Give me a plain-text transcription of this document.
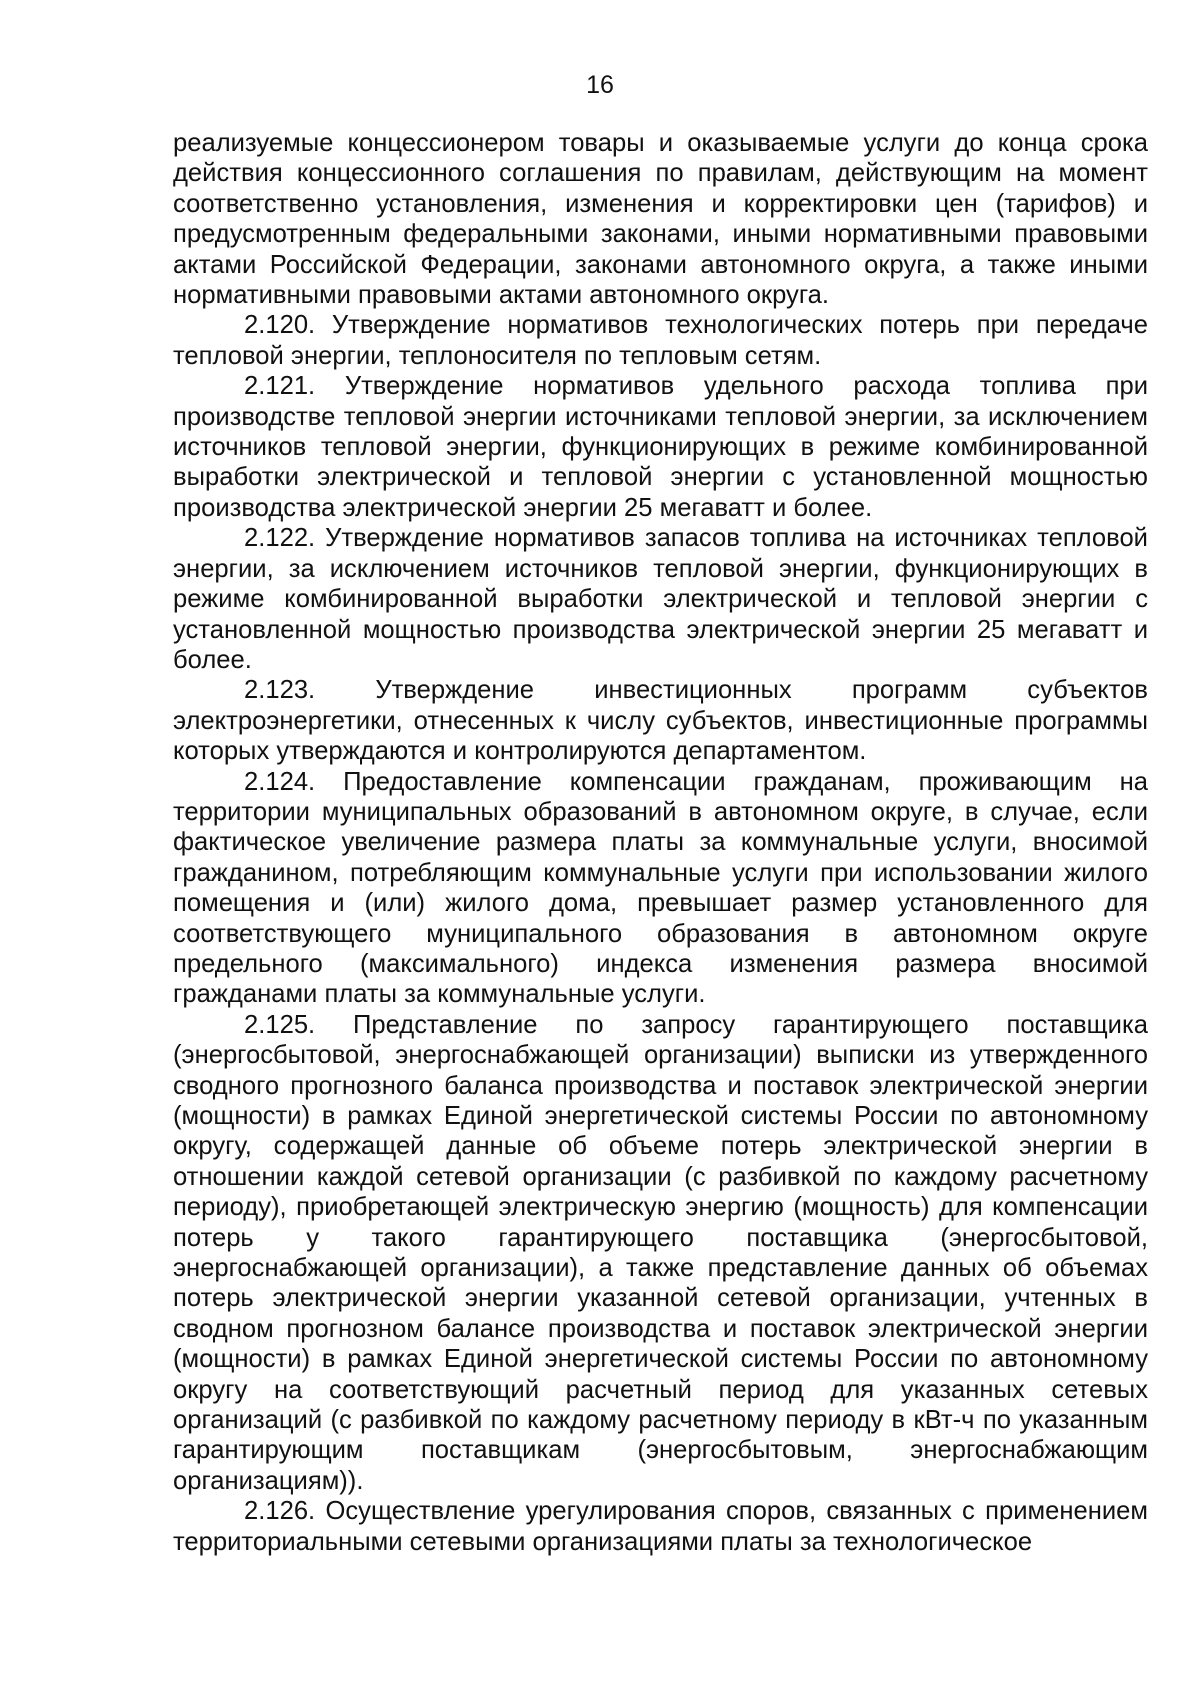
16

реализуемые концессионером товары и оказываемые услуги до конца срока действия концессионного соглашения по правилам, действующим на момент соответственно установления, изменения и корректировки цен (тарифов) и предусмотренным федеральными законами, иными нормативными правовыми актами Российской Федерации, законами автономного округа, а также иными нормативными правовыми актами автономного округа.

2.120. Утверждение нормативов технологических потерь при передаче тепловой энергии, теплоносителя по тепловым сетям.

2.121. Утверждение нормативов удельного расхода топлива при производстве тепловой энергии источниками тепловой энергии, за исключением источников тепловой энергии, функционирующих в режиме комбинированной выработки электрической и тепловой энергии с установленной мощностью производства электрической энергии 25 мегаватт и более.

2.122. Утверждение нормативов запасов топлива на источниках тепловой энергии, за исключением источников тепловой энергии, функционирующих в режиме комбинированной выработки электрической и тепловой энергии с установленной мощностью производства электрической энергии 25 мегаватт и более.

2.123. Утверждение инвестиционных программ субъектов электроэнергетики, отнесенных к числу субъектов, инвестиционные программы которых утверждаются и контролируются департаментом.

2.124. Предоставление компенсации гражданам, проживающим на территории муниципальных образований в автономном округе, в случае, если фактическое увеличение размера платы за коммунальные услуги, вносимой гражданином, потребляющим коммунальные услуги при использовании жилого помещения и (или) жилого дома, превышает размер установленного для соответствующего муниципального образования в автономном округе предельного (максимального) индекса изменения размера вносимой гражданами платы за коммунальные услуги.

2.125. Представление по запросу гарантирующего поставщика (энергосбытовой, энергоснабжающей организации) выписки из утвержденного сводного прогнозного баланса производства и поставок электрической энергии (мощности) в рамках Единой энергетической системы России по автономному округу, содержащей данные об объеме потерь электрической энергии в отношении каждой сетевой организации (с разбивкой по каждому расчетному периоду), приобретающей электрическую энергию (мощность) для компенсации потерь у такого гарантирующего поставщика (энергосбытовой, энергоснабжающей организации), а также представление данных об объемах потерь электрической энергии указанной сетевой организации, учтенных в сводном прогнозном балансе производства и поставок электрической энергии (мощности) в рамках Единой энергетической системы России по автономному округу на соответствующий расчетный период для указанных сетевых организаций (с разбивкой по каждому расчетному периоду в кВт-ч по указанным гарантирующим поставщикам (энергосбытовым, энергоснабжающим организациям)).

2.126. Осуществление урегулирования споров, связанных с применением территориальными сетевыми организациями платы за технологическое
